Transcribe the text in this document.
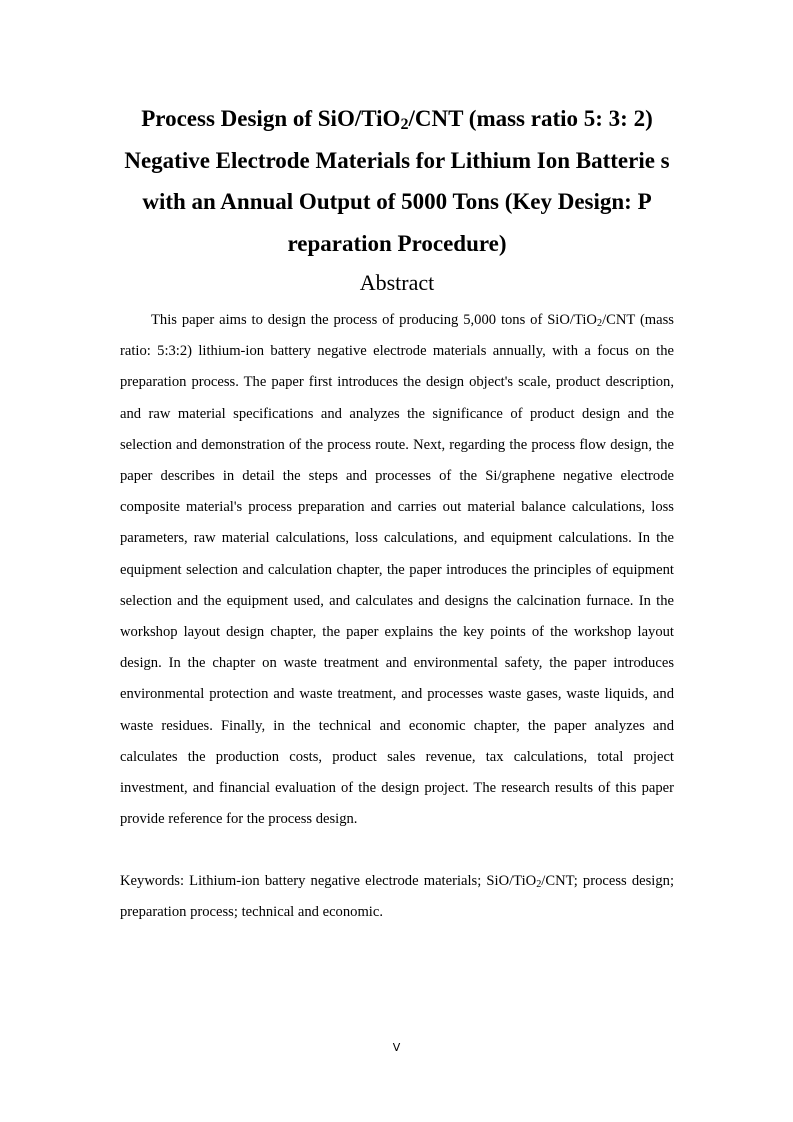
Process Design of SiO/TiO$_2$/CNT (mass ratio 5: 3: 2) Negative Electrode Materials for Lithium Ion Batterie s with an Annual Output of 5000 Tons (Key Design: P reparation Procedure)
Abstract

This paper aims to design the process of producing 5,000 tons of SiO/TiO$_2$/CNT (mass ratio: 5:3:2) lithium-ion battery negative electrode materials annually, with a focus on the preparation process. The paper first introduces the design object's scale, product description, and raw material specifications and analyzes the significance of product design and the selection and demonstration of the process route. Next, regarding the process flow design, the paper describes in detail the steps and processes of the Si/graphene negative electrode composite material's process preparation and carries out material balance calculations, loss parameters, raw material calculations, loss calculations, and equipment calculations. In the equipment selection and calculation chapter, the paper introduces the principles of equipment selection and the equipment used, and calculates and designs the calcination furnace. In the workshop layout design chapter, the paper explains the key points of the workshop layout design. In the chapter on waste treatment and environmental safety, the paper introduces environmental protection and waste treatment, and processes waste gases, waste liquids, and waste residues. Finally, in the technical and economic chapter, the paper analyzes and calculates the production costs, product sales revenue, tax calculations, total project investment, and financial evaluation of the design project. The research results of this paper provide reference for the process design.

Keywords: Lithium-ion battery negative electrode materials; SiO/TiO$_2$/CNT; process design; preparation process; technical and economic.

V
